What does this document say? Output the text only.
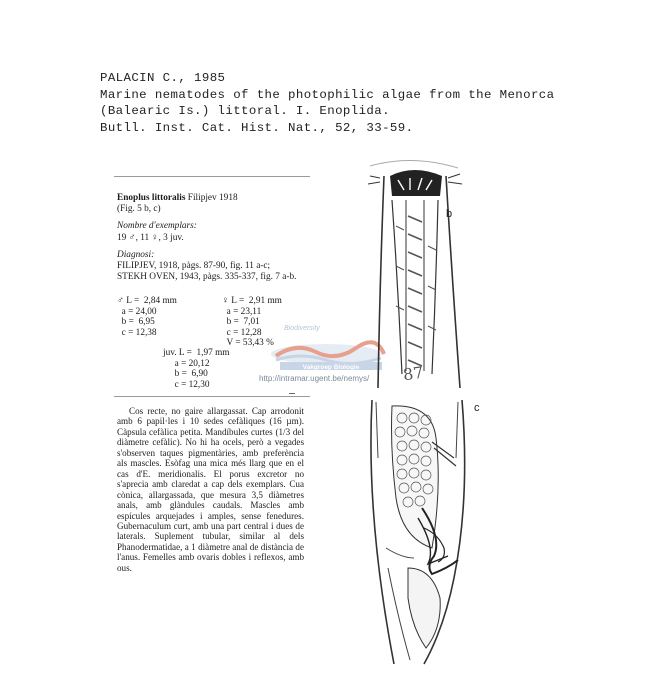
PALACIN C., 1985
Marine nematodes of the photophilic algae from the Menorca
(Balearic Is.) littoral. I. Enoplida.
Butll. Inst. Cat. Hist. Nat., 52, 33-59.
Enoplus littoralis Filipjev 1918
(Fig. 5 b, c)
Nombre d'exemplars:
19 ♂, 11 ♀, 3 juv.
Diagnosi:
FILIPJEV, 1918, pàgs. 87-90, fig. 11 a-c;
STEKH OVEN, 1943, pàgs. 335-337, fig. 7 a-b.

♂ L =  2,84 mm
a = 24,00
b =  6,95
c = 12,38

♀ L =  2,91 mm
a = 23,11
b =  7,01
c = 12,28
V = 53,43 %

juv. L =  1,97 mm
a = 20,12
b =  6,90
c = 12,30
Biodiversity
Vakgroep Biologie
http://intramar.ugent.be/nemys/
Cos recte, no gaire allargassat. Cap arrodonit amb 6 papil·les i 10 sedes cefàliques (16 µm). Càpsula cefàlica petita. Mandíbules curtes (1/3 del diàmetre cefàlic). No hi ha ocels, però a vegades s'observen taques pigmentàries, amb preferència als mascles. Esòfag una mica més llarg que en el cas d'E. meridionalis. El porus excretor no s'apreciа amb claredat a cap dels exemplars. Cua cònica, allargassada, que mesura 3,5 diàmetres anals, amb glàndules caudals. Mascles amb espícules arquejades i amples, sense fenedures. Gubernaculum curt, amb una part central i dues de laterals. Suplement tubular, similar al dels Phanodermatidae, a 1 diàmetre anal de distància de l'anus. Femelles amb ovaris dobles i reflexos, amb ous.
b
87
c
